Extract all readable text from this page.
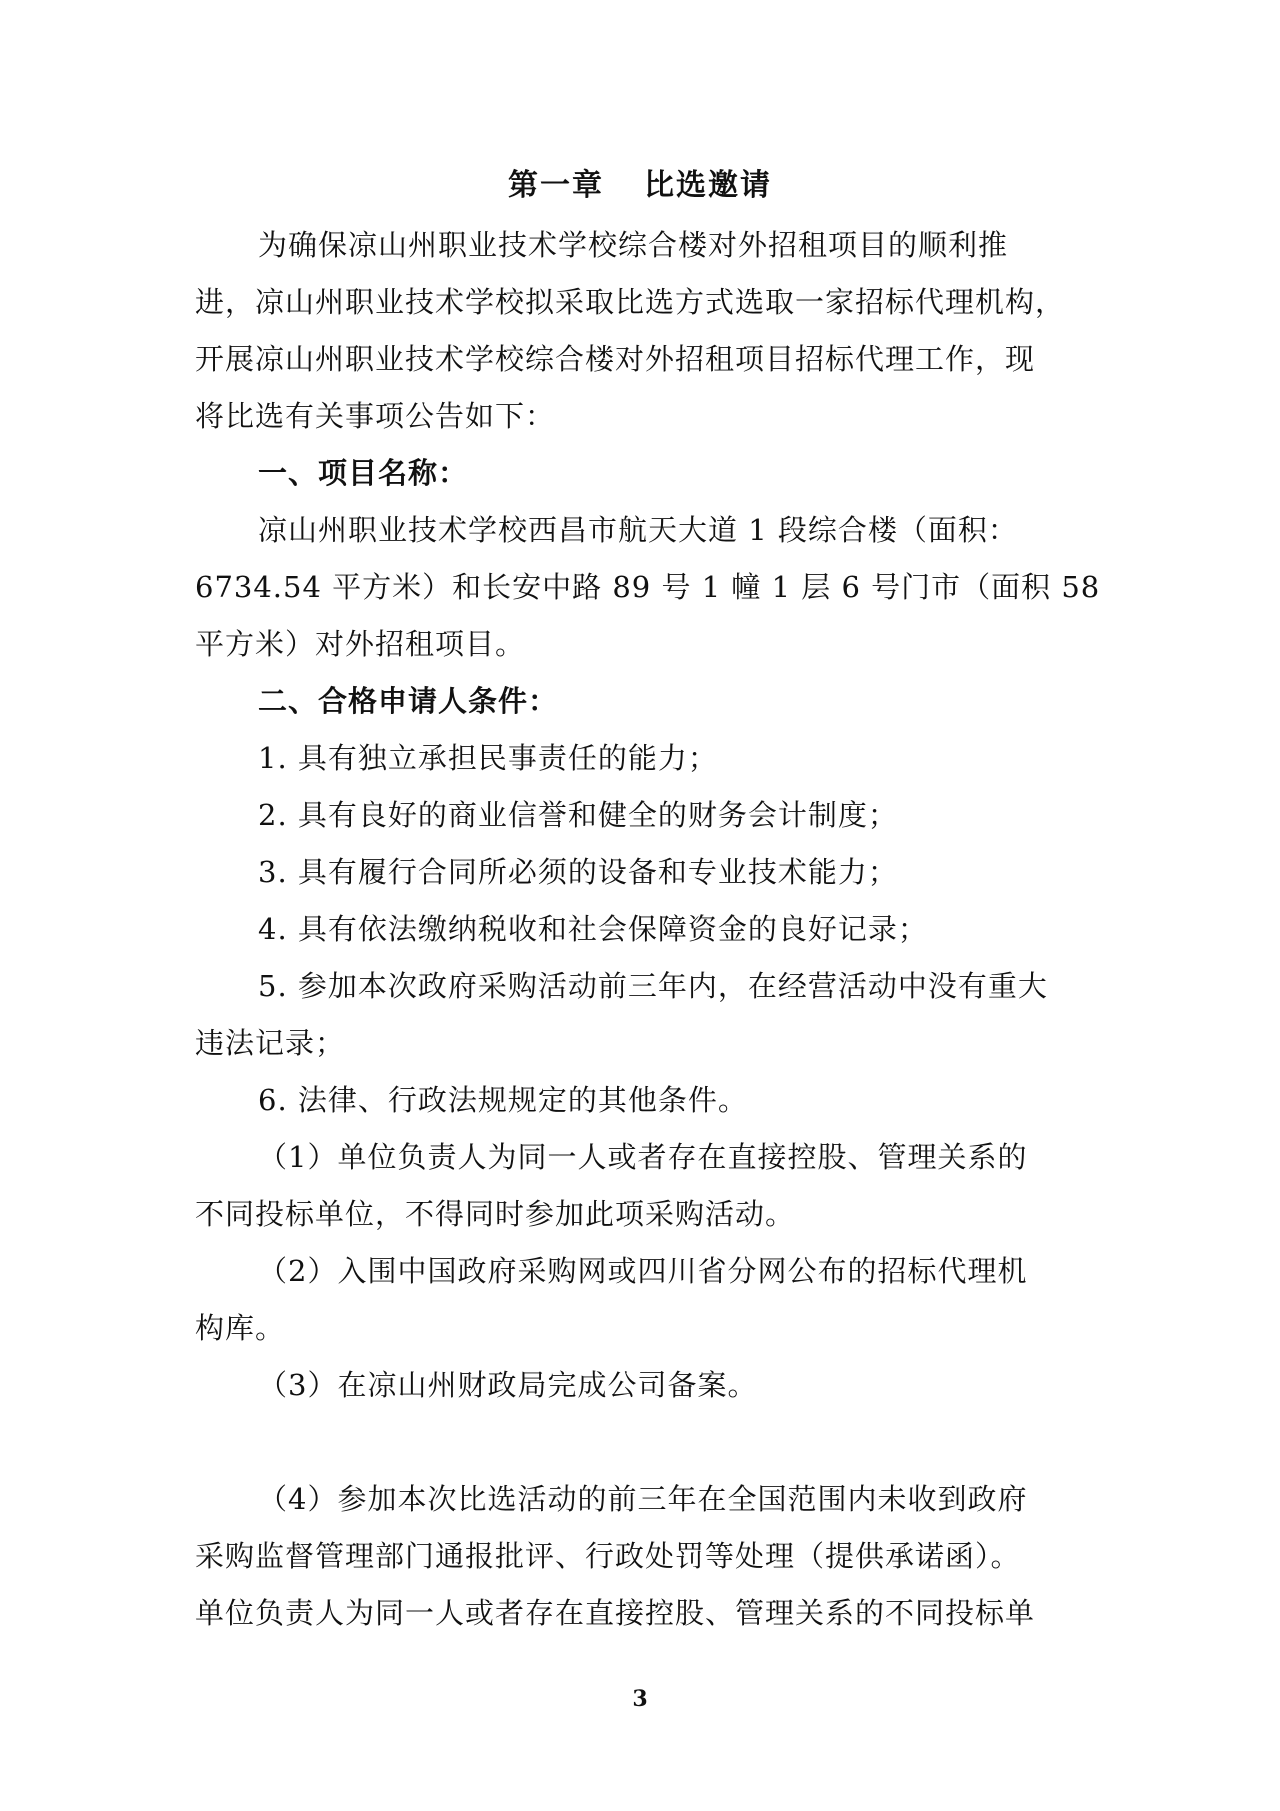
第一章 比选邀请
为确保凉山州职业技术学校综合楼对外招租项目的顺利推
进，凉山州职业技术学校拟采取比选方式选取一家招标代理机构，
开展凉山州职业技术学校综合楼对外招租项目招标代理工作，现
将比选有关事项公告如下：
一、项目名称：
凉山州职业技术学校西昌市航天大道 1 段综合楼（面积：
6734.54 平方米）和长安中路 89 号 1 幢 1 层 6 号门市（面积 58
平方米）对外招租项目。
二、合格申请人条件：
1. 具有独立承担民事责任的能力；
2. 具有良好的商业信誉和健全的财务会计制度；
3. 具有履行合同所必须的设备和专业技术能力；
4. 具有依法缴纳税收和社会保障资金的良好记录；
5. 参加本次政府采购活动前三年内，在经营活动中没有重大
违法记录；
6. 法律、行政法规规定的其他条件。
（1）单位负责人为同一人或者存在直接控股、管理关系的
不同投标单位，不得同时参加此项采购活动。
（2）入围中国政府采购网或四川省分网公布的招标代理机
构库。
（3）在凉山州财政局完成公司备案。
（4）参加本次比选活动的前三年在全国范围内未收到政府
采购监督管理部门通报批评、行政处罚等处理（提供承诺函）。
单位负责人为同一人或者存在直接控股、管理关系的不同投标单
3
